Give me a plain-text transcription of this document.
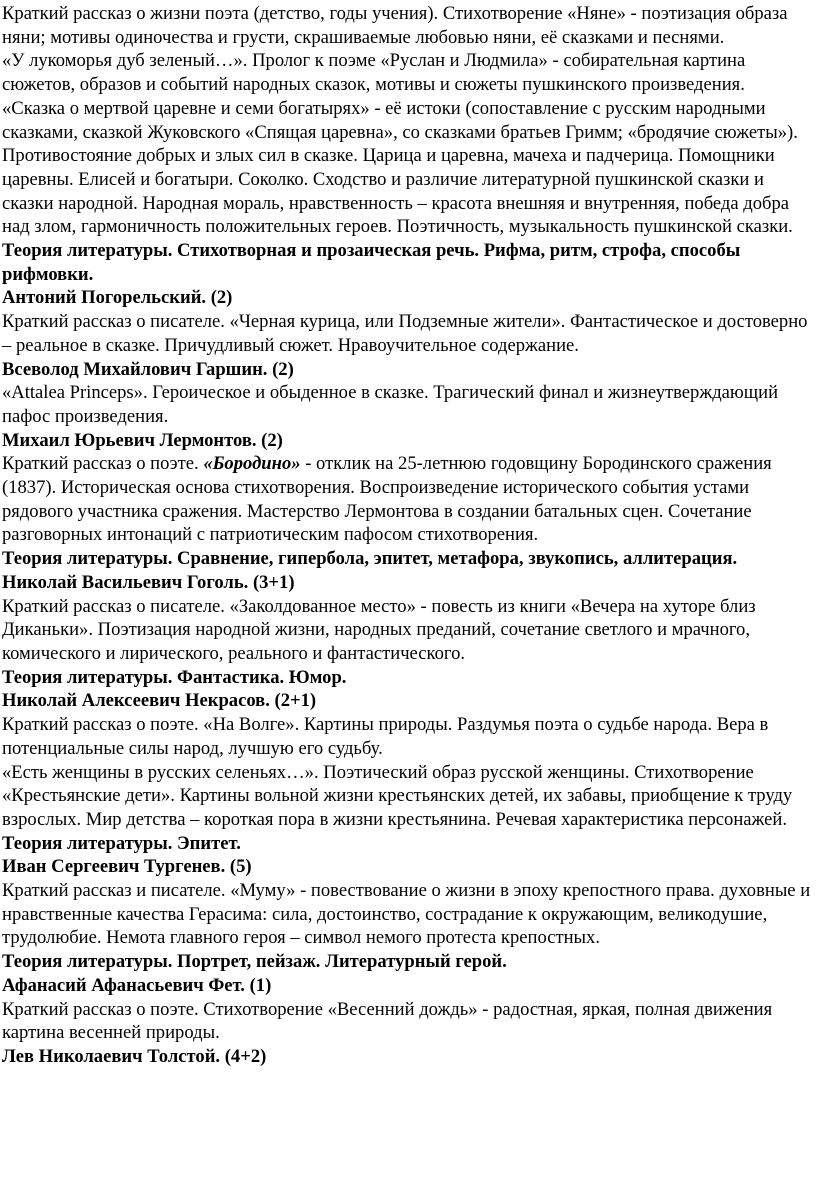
Краткий рассказ о жизни поэта (детство, годы учения). Стихотворение «Няне» - поэтизация образа няни; мотивы одиночества и грусти, скрашиваемые любовью няни, её сказками и песнями.

«У лукоморья дуб зеленый…». Пролог к поэме «Руслан и Людмила» - собирательная картина сюжетов, образов и событий народных сказок, мотивы и сюжеты пушкинского произведения.

«Сказка о мертвой царевне и семи богатырях» - её истоки (сопоставление с русским народными сказками, сказкой Жуковского «Спящая царевна», со сказками братьев Гримм; «бродячие сюжеты»). Противостояние добрых и злых сил в сказке. Царица и царевна, мачеха и падчерица. Помощники царевны. Елисей и богатыри. Соколко. Сходство и различие литературной пушкинской сказки и сказки народной. Народная мораль, нравственность – красота внешняя и внутренняя, победа добра над злом, гармоничность положительных героев. Поэтичность, музыкальность пушкинской сказки.

Теория литературы. Стихотворная и прозаическая речь. Рифма, ритм, строфа, способы рифмовки.

Антоний Погорельский. (2)

Краткий рассказ о писателе. «Черная курица, или Подземные жители». Фантастическое и достоверно – реальное в сказке. Причудливый сюжет. Нравоучительное содержание.

Всеволод Михайлович Гаршин. (2)

«Attalea Princeps». Героическое и обыденное в сказке. Трагический финал и жизнеутверждающий пафос произведения.

Михаил Юрьевич Лермонтов. (2)

Краткий рассказ о поэте. «Бородино» - отклик на 25-летнюю годовщину Бородинского сражения (1837). Историческая основа стихотворения. Воспроизведение исторического события устами рядового участника сражения. Мастерство Лермонтова в создании батальных сцен. Сочетание разговорных интонаций с патриотическим пафосом стихотворения.

Теория литературы. Сравнение, гипербола, эпитет, метафора, звукопись, аллитерация.

Николай Васильевич Гоголь. (3+1)

Краткий рассказ о писателе. «Заколдованное место» - повесть из книги «Вечера на хуторе близ Диканьки». Поэтизация народной жизни, народных преданий, сочетание светлого и мрачного, комического и лирического, реального и фантастического.

Теория литературы. Фантастика. Юмор.

Николай Алексеевич Некрасов. (2+1)

Краткий рассказ о поэте. «На Волге». Картины природы. Раздумья поэта о судьбе народа. Вера в потенциальные силы народ, лучшую его судьбу.

«Есть женщины в русских селеньях…». Поэтический образ русской женщины. Стихотворение «Крестьянские дети». Картины вольной жизни крестьянских детей, их забавы, приобщение к труду взрослых. Мир детства – короткая пора в жизни крестьянина. Речевая характеристика персонажей.

Теория литературы. Эпитет.

Иван Сергеевич Тургенев. (5)

Краткий рассказ и писателе. «Муму» - повествование о жизни в эпоху крепостного права. духовные и нравственные качества Герасима: сила, достоинство, сострадание к окружающим, великодушие, трудолюбие. Немота главного героя – символ немого протеста крепостных.

Теория литературы. Портрет, пейзаж. Литературный герой.

Афанасий Афанасьевич Фет. (1)

Краткий рассказ о поэте. Стихотворение «Весенний дождь» - радостная, яркая, полная движения картина весенней природы.

Лев Николаевич Толстой. (4+2)
